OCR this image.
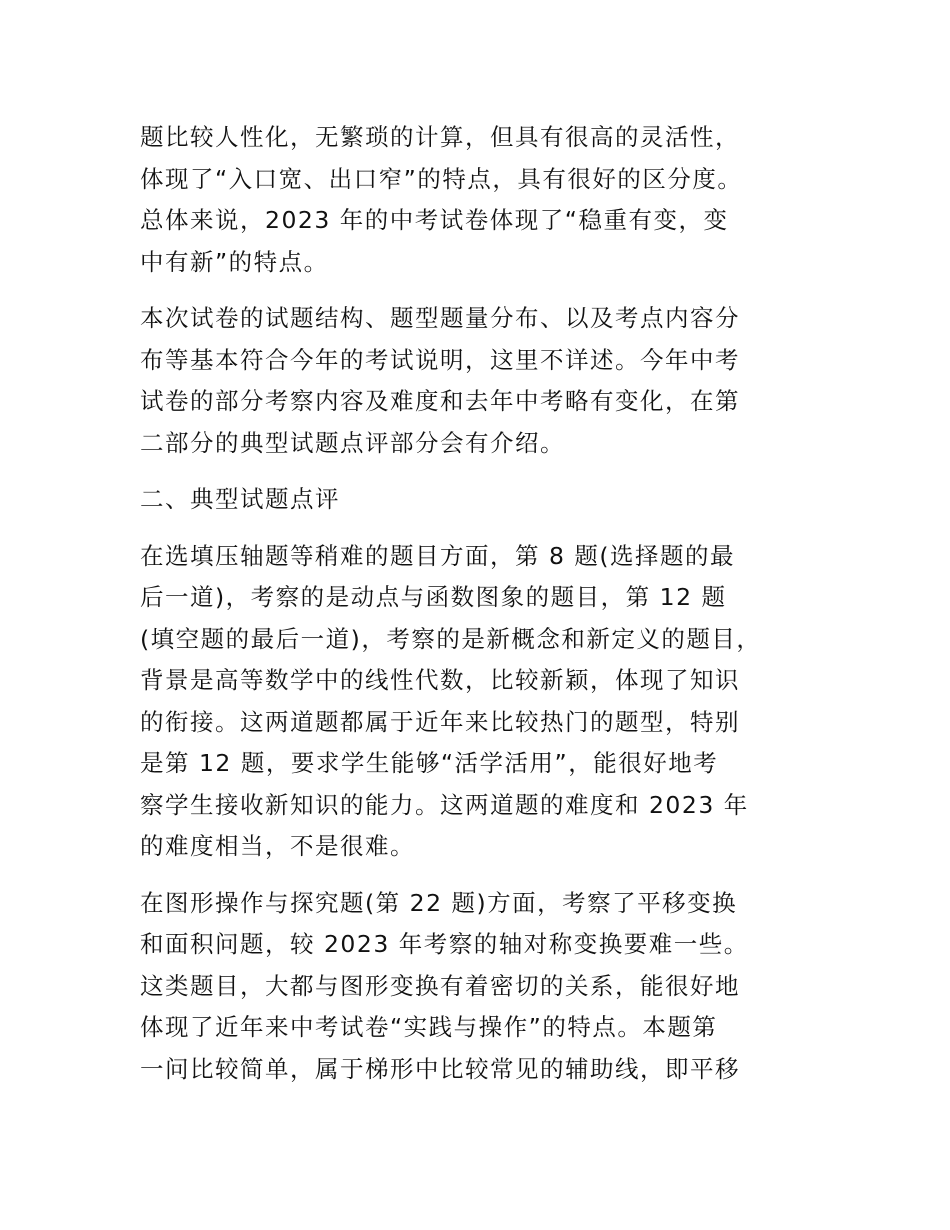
题比较人性化，无繁琐的计算，但具有很高的灵活性，
体现了“入口宽、出口窄”的特点，具有很好的区分度。
总体来说，2023 年的中考试卷体现了“稳重有变，变
中有新”的特点。
本次试卷的试题结构、题型题量分布、以及考点内容分
布等基本符合今年的考试说明，这里不详述。今年中考
试卷的部分考察内容及难度和去年中考略有变化，在第
二部分的典型试题点评部分会有介绍。
二、典型试题点评
在选填压轴题等稍难的题目方面，第 8 题(选择题的最
后一道)，考察的是动点与函数图象的题目，第 12 题
(填空题的最后一道)，考察的是新概念和新定义的题目，
背景是高等数学中的线性代数，比较新颖，体现了知识
的衔接。这两道题都属于近年来比较热门的题型，特别
是第 12 题，要求学生能够“活学活用”，能很好地考
察学生接收新知识的能力。这两道题的难度和 2023 年
的难度相当，不是很难。
在图形操作与探究题(第 22 题)方面，考察了平移变换
和面积问题，较 2023 年考察的轴对称变换要难一些。
这类题目，大都与图形变换有着密切的关系，能很好地
体现了近年来中考试卷“实践与操作”的特点。本题第
一问比较简单，属于梯形中比较常见的辅助线，即平移
